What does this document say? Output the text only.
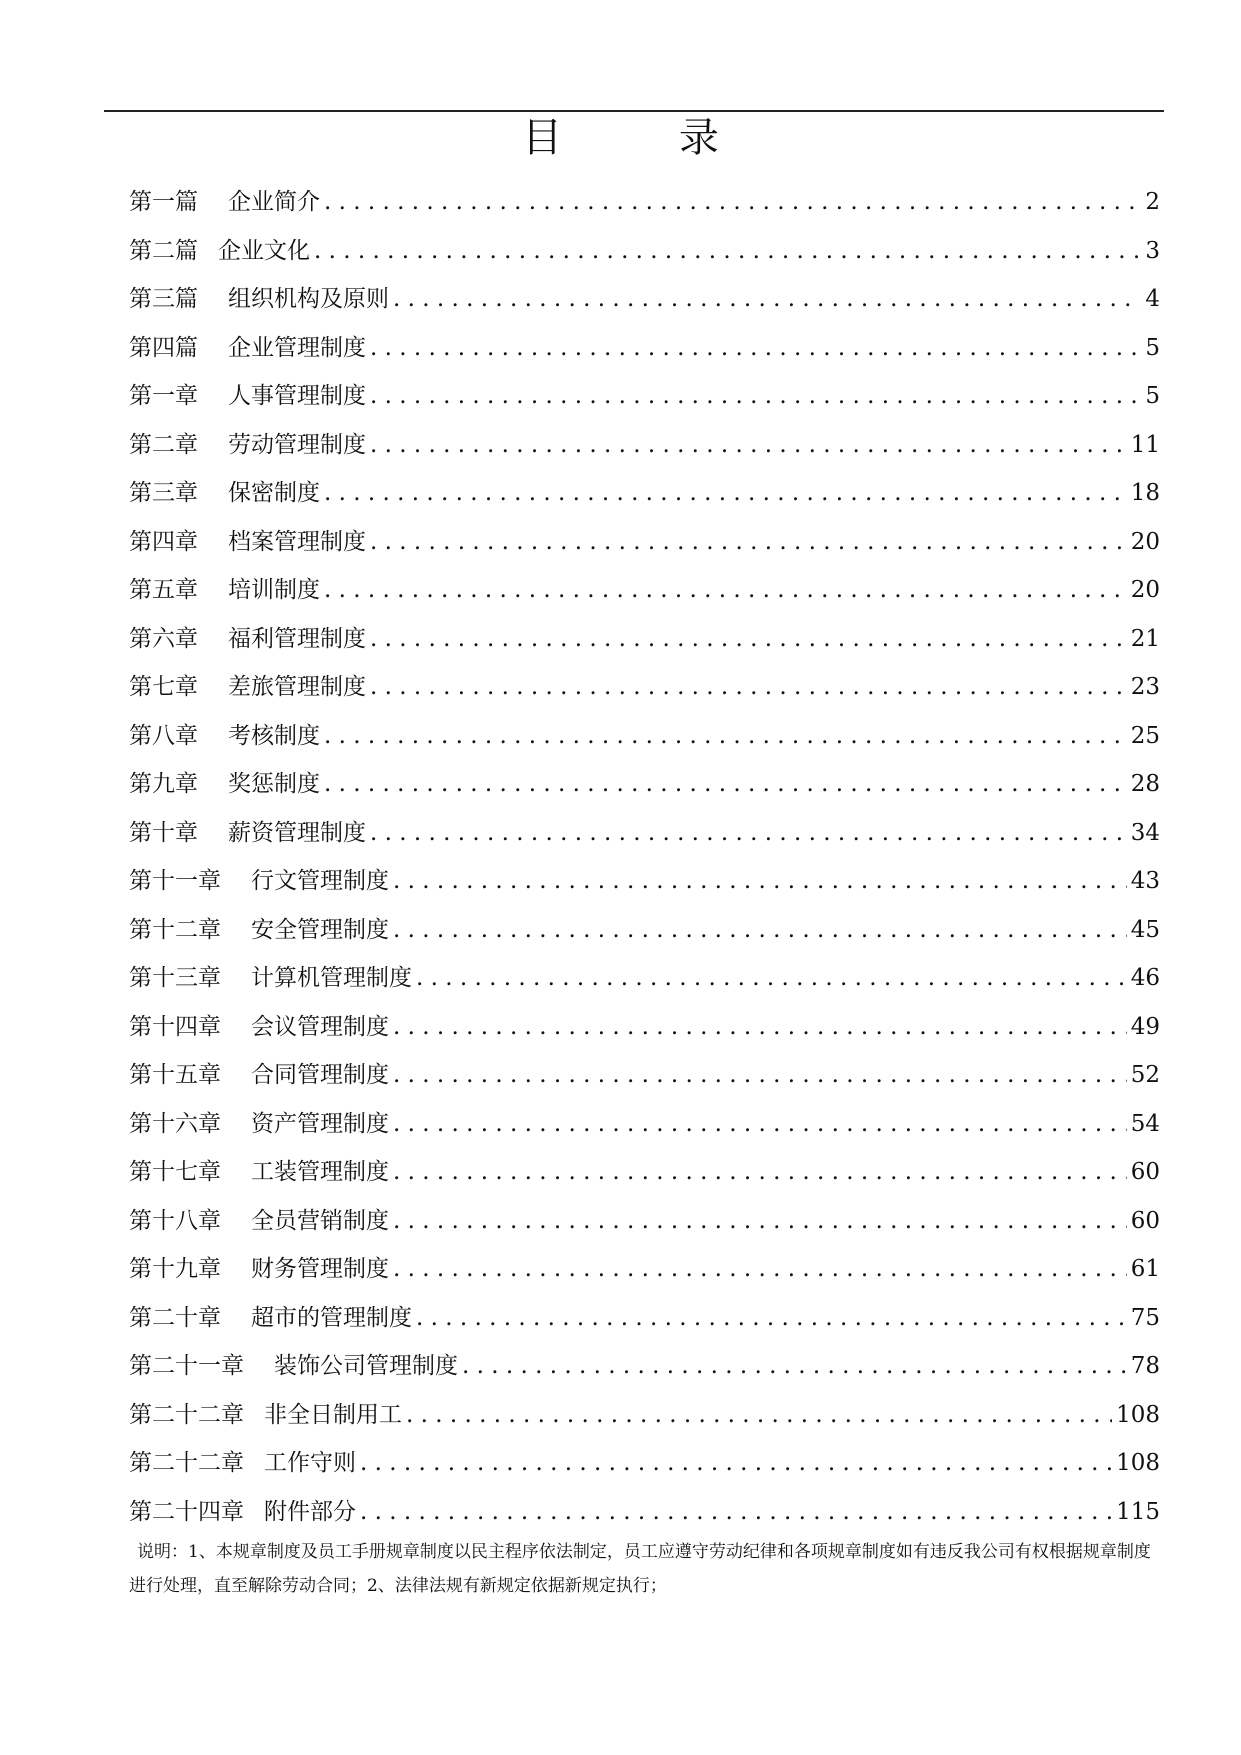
目 录
第一篇 企业简介 . . .	2
第二篇 企业文化 . . .	3
第三篇 组织机构及原则 . . .	4
第四篇 企业管理制度 . . .	5
第一章 人事管理制度 . . .	5
第二章 劳动管理制度 . . .	11
第三章 保密制度 . . .	18
第四章 档案管理制度 . . .	20
第五章 培训制度 . . .	20
第六章 福利管理制度 . . .	21
第七章 差旅管理制度 . . .	23
第八章 考核制度 . . .	25
第九章 奖惩制度 . . .	28
第十章 薪资管理制度 . . .	34
第十一章 行文管理制度 . . .	43
第十二章 安全管理制度 . . .	45
第十三章 计算机管理制度 . . .	46
第十四章 会议管理制度 . . .	49
第十五章 合同管理制度 . . .	52
第十六章 资产管理制度 . . .	54
第十七章 工装管理制度 . . .	60
第十八章 全员营销制度 . . .	60
第十九章 财务管理制度 . . .	61
第二十章 超市的管理制度 . . .	75
第二十一章 装饰公司管理制度 . . .	78
第二十二章 非全日制用工 . . .	108
第二十二章 工作守则 . . .	108
第二十四章 附件部分 . . .	115
说明：1、本规章制度及员工手册规章制度以民主程序依法制定，员工应遵守劳动纪律和各项规章制度如有违反我公司有权根据规章制度进行处理，直至解除劳动合同；2、法律法规有新规定依据新规定执行；
